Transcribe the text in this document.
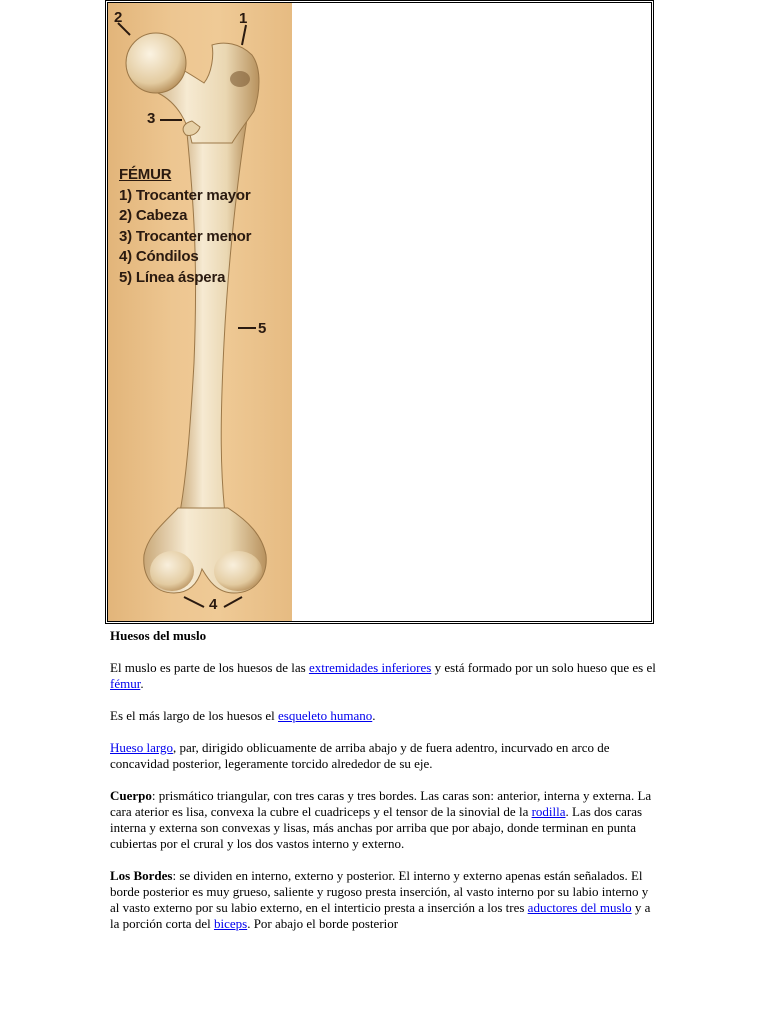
2	1
3
5
4
FÉMUR
1) Trocanter mayor
2) Cabeza
3) Trocanter menor
4) Cóndilos
5) Línea áspera
Huesos del muslo

El muslo es parte de los huesos de las extremidades inferiores y está formado por un solo hueso que es el fémur.

Es el más largo de los huesos el esqueleto humano.

Hueso largo, par, dirigido oblicuamente de arriba abajo y de fuera adentro, incurvado en arco de concavidad posterior, legeramente torcido alrededor de su eje.

Cuerpo: prismático triangular, con tres caras y tres bordes. Las caras son: anterior, interna y externa. La cara aterior es lisa, convexa la cubre el cuadriceps y el tensor de la sinovial de la rodilla. Las dos caras interna y externa son convexas y lisas, más anchas por arriba que por abajo, donde terminan en punta cubiertas por el crural y los dos vastos interno y externo.

Los Bordes: se dividen en interno, externo y posterior. El interno y externo apenas están señalados. El borde posterior es muy grueso, saliente y rugoso presta inserción, al vasto interno por su labio interno y al vasto externo por su labio externo, en el interticio presta a inserción a los tres aductores del muslo y a la porción corta del biceps. Por abajo el borde posterior
